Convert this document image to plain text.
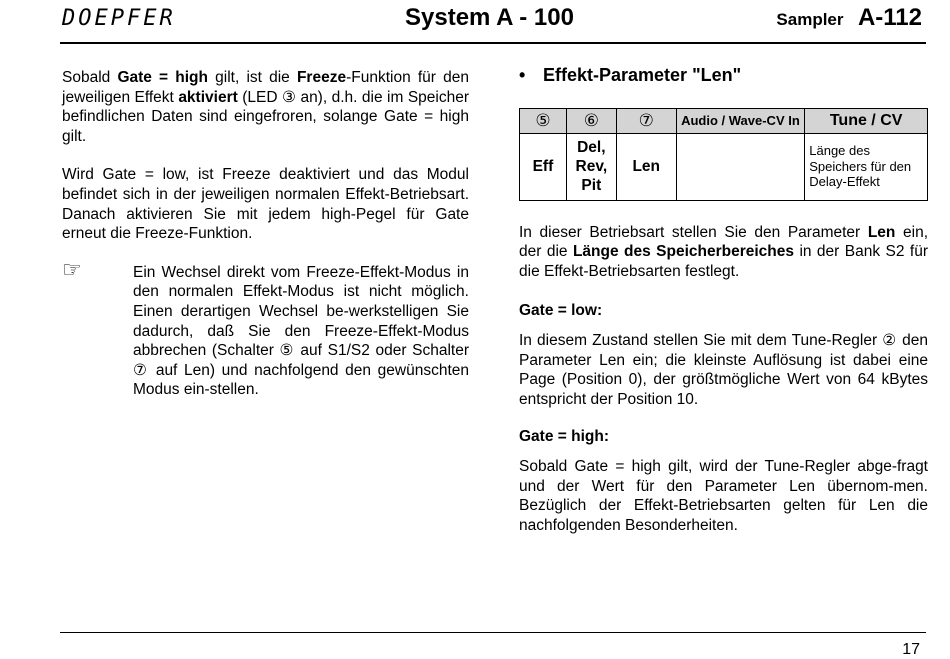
DOEPFER	System A - 100	Sampler A-112

Sobald Gate = high gilt, ist die Freeze-Funktion für den jeweiligen Effekt aktiviert (LED ③ an), d.h. die im Speicher befindlichen Daten sind eingefroren, solange Gate = high gilt.

Wird Gate = low, ist Freeze deaktiviert und das Modul befindet sich in der jeweiligen normalen Effekt-Betriebsart. Danach aktivieren Sie mit jedem high-Pegel für Gate erneut die Freeze-Funktion.

☞	Ein Wechsel direkt vom Freeze-Effekt-Modus in den normalen Effekt-Modus ist nicht möglich. Einen derartigen Wechsel be-werkstelligen Sie dadurch, daß Sie den Freeze-Effekt-Modus abbrechen (Schalter ⑤ auf S1/S2 oder Schalter ⑦ auf Len) und nachfolgend den gewünschten Modus ein-stellen.
• Effekt-Parameter "Len"
⑤	⑥	⑦	Audio / Wave-CV In	Tune / CV
Eff	Del,
Rev,
Pit	Len		Länge des
Speichers für den
Delay-Effekt

In dieser Betriebsart stellen Sie den Parameter Len ein, der die Länge des Speicherbereiches in der Bank S2 für die Effekt-Betriebsarten festlegt.

Gate = low:

In diesem Zustand stellen Sie mit dem Tune-Regler ② den Parameter Len ein; die kleinste Auflösung ist dabei eine Page (Position 0), der größtmögliche Wert von 64 kBytes entspricht der Position 10.

Gate = high:

Sobald Gate = high gilt, wird der Tune-Regler abge-fragt und der Wert für den Parameter Len übernom-men. Bezüglich der Effekt-Betriebsarten gelten für Len die nachfolgenden Besonderheiten.

17
